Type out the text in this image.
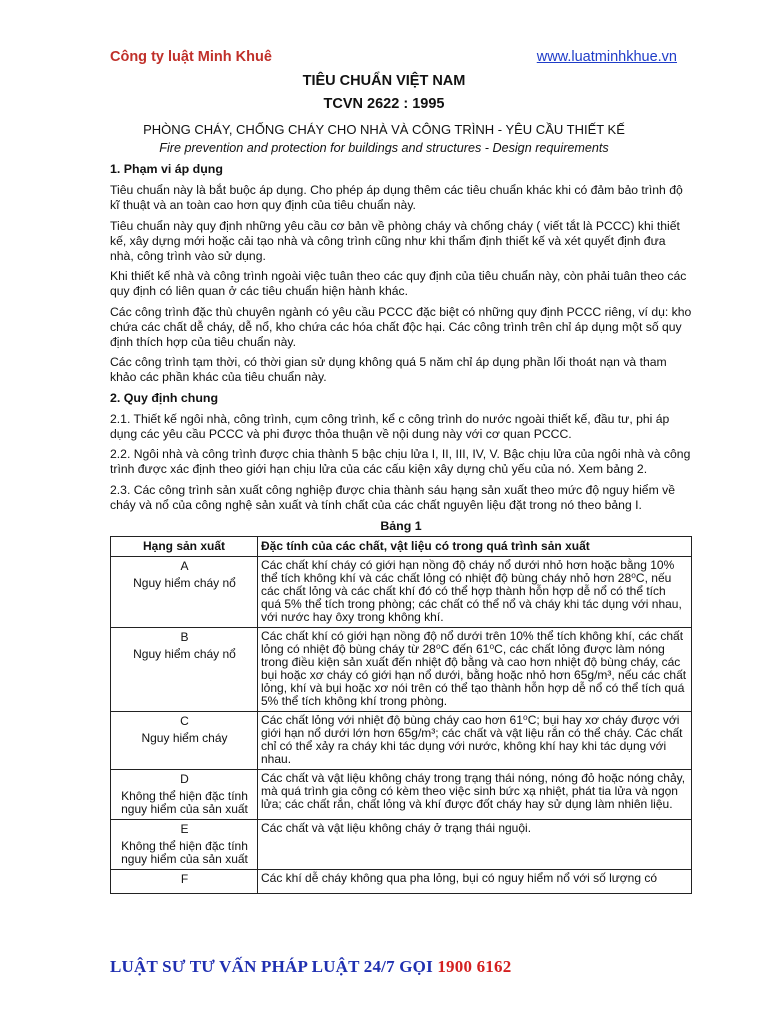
Công ty luật Minh Khuê	www.luatminhkhue.vn
TIÊU CHUẨN VIỆT NAM
TCVN 2622 : 1995
PHÒNG CHÁY, CHỐNG CHÁY CHO NHÀ VÀ CÔNG TRÌNH - YÊU CẦU THIẾT KẾ
Fire prevention and protection for buildings and structures - Design requirements
1. Phạm vi áp dụng

Tiêu chuẩn này là bắt buộc áp dụng. Cho phép áp dụng thêm các tiêu chuẩn khác khi có đảm bảo trình độ kĩ thuật và an toàn cao hơn quy định của tiêu chuẩn này.

Tiêu chuẩn này quy định những yêu cầu cơ bản về phòng cháy và chống cháy ( viết tắt là PCCC) khi thiết kế, xây dựng mới hoặc cải tạo nhà và công trình cũng như khi thẩm định thiết kế và xét quyết định đưa nhà, công trình vào sử dụng.

Khi thiết kế nhà và công trình ngoài việc tuân theo các quy định của tiêu chuẩn này, còn phải tuân theo các quy định có liên quan ở các tiêu chuẩn hiện hành khác.

Các công trình đặc thù chuyên ngành có yêu cầu PCCC đặc biệt có những quy định PCCC riêng, ví dụ: kho chứa các chất dễ cháy, dễ nổ, kho chứa các hóa chất độc hại. Các công trình trên chỉ áp dụng một số quy định thích hợp của tiêu chuẩn này.

Các công trình tạm thời, có thời gian sử dụng không quá 5 năm chỉ áp dụng phần lối thoát nạn và tham khảo các phần khác của tiêu chuẩn này.

2. Quy định chung

2.1. Thiết kế ngôi nhà, công trình, cụm công trình, kể c công trình do nước ngoài thiết kế, đầu tư, phi áp dụng các yêu cầu PCCC và phi được thỏa thuận về nội dung này với cơ quan PCCC.

2.2. Ngôi nhà và công trình được chia thành 5 bậc chịu lửa I, II, III, IV, V. Bậc chịu lửa của ngôi nhà và công trình được xác định theo giới hạn chịu lửa của các cấu kiện xây dựng chủ yếu của nó. Xem bảng 2.

2.3. Các công trình sản xuất công nghiệp được chia thành sáu hạng sản xuất theo mức độ nguy hiểm về cháy và nổ của công nghệ sản xuất và tính chất của các chất nguyên liệu đặt trong nó theo bảng I.

Bảng 1
Hạng sản xuất	Đặc tính của các chất, vật liệu có trong quá trình sản xuất

A
Nguy hiểm cháy nổ	Các chất khí cháy có giới hạn nồng độ cháy nổ dưới nhỏ hơn hoặc bằng 10% thể tích không khí và các chất lỏng có nhiệt độ bùng cháy nhỏ hơn 28⁰C, nếu các chất lỏng và các chất khí đó có thể hợp thành hỗn hợp dễ nổ có thể tích quá 5% thể tích trong phòng; các chất có thể nổ và cháy khi tác dụng với nhau, với nước hay ôxy trong không khí.

B
Nguy hiểm cháy nổ	Các chất khí có giới hạn nồng độ nổ dưới trên 10% thể tích không khí, các chất lỏng có nhiệt độ bùng cháy từ 28⁰C đến 61⁰C, các chất lỏng được làm nóng trong điều kiện sản xuất đến nhiệt độ bằng và cao hơn nhiệt độ bùng cháy, các bụi hoặc xơ cháy có giới hạn nổ dưới, bằng hoặc nhỏ hơn 65g/m³, nếu các chất lỏng, khí và bụi hoặc xơ nói trên có thể tạo thành hỗn hợp dễ nổ có thể tích quá 5% thể tích không khí trong phòng.

C
Nguy hiểm cháy	Các chất lỏng với nhiệt độ bùng cháy cao hơn 61⁰C; bụi hay xơ cháy được với giới hạn nổ dưới lớn hơn 65g/m³; các chất và vật liệu rắn có thể cháy. Các chất chỉ có thể xảy ra cháy khi tác dụng với nước, không khí hay khi tác dụng với nhau.

D
Không thể hiện đặc tính nguy hiểm của sản xuất	Các chất và vật liệu không cháy trong trạng thái nóng, nóng đỏ hoặc nóng chảy, mà quá trình gia công có kèm theo việc sinh bức xạ nhiệt, phát tia lửa và ngọn lửa; các chất rắn, chất lỏng và khí được đốt cháy hay sử dụng làm nhiên liệu.

E
Không thể hiện đặc tính nguy hiểm của sản xuất	Các chất và vật liệu không cháy ở trạng thái nguội.

F	Các khí dễ cháy không qua pha lỏng, bụi có nguy hiểm nổ với số lượng có
LUẬT SƯ TƯ VẤN PHÁP LUẬT 24/7 GỌI 1900 6162
